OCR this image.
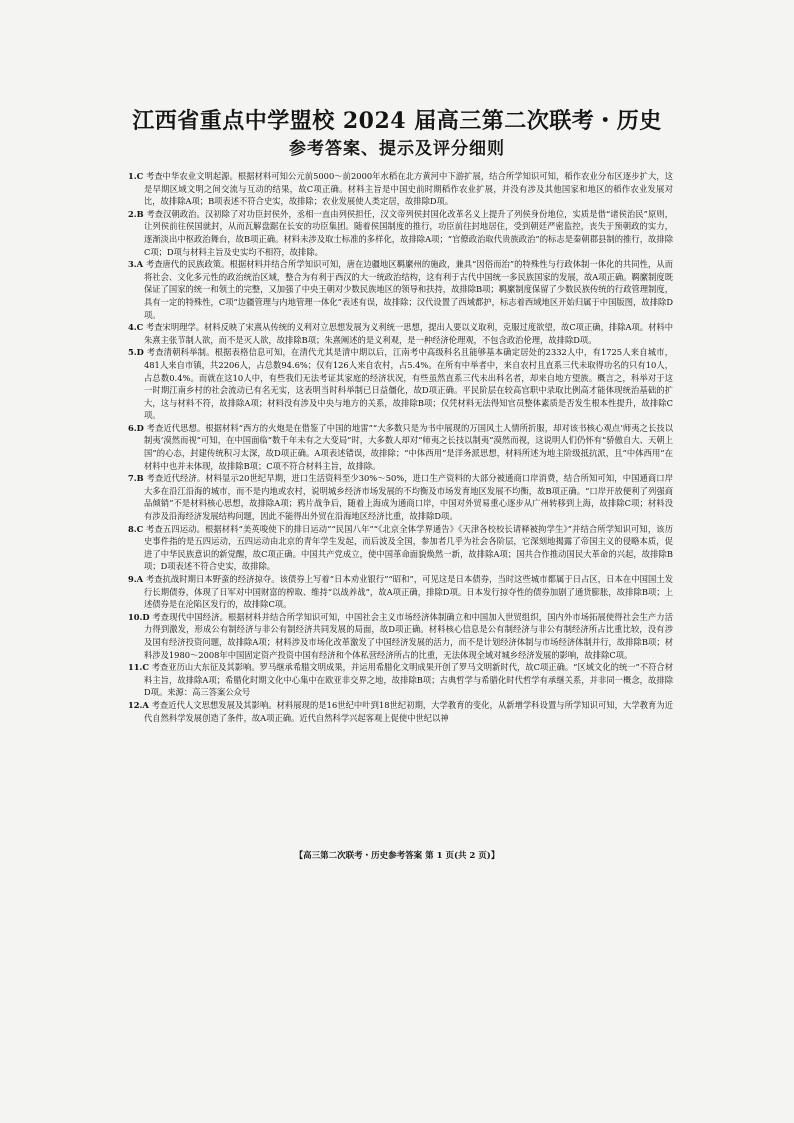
江西省重点中学盟校 2024 届高三第二次联考・历史
参考答案、提示及评分细则

1.C 考查中华农业文明起源。根据材料可知公元前5000～前2000年水稻在北方黄河中下游扩展，结合所学知识可知，稻作农业分布区逐步扩大，这是早期区域文明之间交流与互动的结果，故C项正确。材料主旨是中国史前时期稻作农业扩展，并没有涉及其他国家和地区的稻作农业发展对比，故排除A项；B项表述不符合史实，故排除；农业发展使人类定居，故排除D项。

2.B 考查汉朝政治。汉初除了对功臣封侯外，丞相一直由列侯担任，汉文帝列侯封国化改革名义上提升了列侯身份地位，实质是借“诸侯治民”原则，让列侯前往侯国就封，从而瓦解盘踞在长安的功臣集团。随着侯国制度的推行，功臣前往封地居住，受到朝廷严密监控，丧失于预朝政的实力，逐渐淡出中枢政治舞台，故B项正确。材料未涉及取士标准的多样化，故排除A项；“官僚政治取代贵族政治”的标志是秦朝郡县制的推行，故排除C项；D项与材料主旨及史实均不相符，故排除。

3.A 考查唐代的民族政策。根据材料并结合所学知识可知，唐在边疆地区羁縻州的施政，兼具“因俗而治”的特殊性与行政体制一体化的共同性，从而将社会、文化多元性的政治统治区域，整合为有利于西汉的大一统政治结构，这有利于古代中国统一多民族国家的发展，故A项正确。羁縻制度既保证了国家的统一和领土的完整，又加强了中央王朝对少数民族地区的领导和扶持，故排除B项；羁縻制度保留了少数民族传统的行政管理制度，具有一定的特殊性，C项“边疆管理与内地管理一体化”表述有误，故排除；汉代设置了西域都护，标志着西域地区开始归属于中国版图，故排除D项。

4.C 考查宋明理学。材料反映了宋熹从传统的义利对立思想发展为义利统一思想，提出人要以义取利，克服过度欲望，故C项正确，排除A项。材料中朱熹主张节制人欲，而不是灭人欲，故排除B项；朱熹阐述的是义利观，是一种经济伦理观，不包含政治伦理，故排除D项。

5.D 考查清朝科举制。根据表格信息可知，在清代尤其是清中期以后，江南考中高级科名且能够基本确定居处的2332人中，有1725人来自城市，481人来自市镇，共2206人，占总数94.6%；仅有126人来自农村，占5.4%。在所有中举者中，来自农村且直系三代未取得功名的只有10人，占总数0.4%。而就在这10人中，有些我们无法考证其家庭的经济状况，有些虽然直系三代未出科名者，却来自地方望族。概言之，科举对于这一时期江南乡村的社会流动已有名无实，这表明当时科举制已日益僵化，故D项正确。平民阶层在较高官职中录取比例高才能体现统治基础的扩大，这与材料不符，故排除A项；材料没有涉及中央与地方的关系，故排除B项；仅凭材料无法得知官员整体素质是否发生根本性提升，故排除C项。

6.D 考查近代思想。根据材料“西方的火炮是在借鉴了中国的地雷”“大多数只是为书中展现的万国风土人情所折服，却对该书核心观点‘师夷之长技以制夷’漠然而视”可知，在中国面临“数千年未有之大变局”时，大多数人却对“师夷之长技以制夷”漠然而视，这说明人们仍怀有“骄傲自大、天朝上国”的心态，封建传统积习太深，故D项正确。A项表述错误，故排除；“中体西用”是洋务派思想，材料所述为地主阶级抵抗派，且“中体西用”在材料中也并未体现，故排除B项；C项不符合材料主旨，故排除。

7.B 考查近代经济。材料显示20世纪早期，进口生活资料至少30%～50%，进口生产资料的大部分被通商口岸消费，结合所知可知，中国通商口岸大多在沿江沿海的城市，而不是内地或农村，说明城乡经济市场发展的不均衡及市场发育地区发展不均衡，故B项正确。“口岸开放便利了列强商品倾销”不是材料核心思想，故排除A项；鸦片战争后，随着上海成为通商口岸，中国对外贸易重心逐步从广州转移到上海，故排除C项；材料没有涉及沿海经济发展结构问题，因此不能得出外贸在沿海地区经济比重，故排除D项。

8.C 考查五四运动。根据材料“美英唆使下的排日运动”“民国八年”“《北京全体学界通告》《天津各校校长请释被拘学生》”并结合所学知识可知，该历史事件指的是五四运动，五四运动由北京的青年学生发起，而后波及全国，参加者几乎为社会各阶层，它深刻地揭露了帝国主义的侵略本质，促进了中华民族意识的新觉醒，故C项正确。中国共产党成立，使中国革命面貌焕然一新，故排除A项；国共合作推动国民大革命的兴起，故排除B项；D项表述不符合史实，故排除。

9.A 考查抗战时期日本野蛮的经济掠夺。该债券上写着“日本劝业银行”“昭和”，可见这是日本债券，当时这些城市都属于日占区，日本在中国国土发行长期债券，体现了日军对中国财富的榨取、维持“以战养战”，故A项正确，排除D项。日本发行掠夺性的债券加剧了通货膨胀，故排除B项；上述债券是在沦陷区发行的，故排除C项。

10.D 考查现代中国经济。根据材料并结合所学知识可知，中国社会主义市场经济体制确立和中国加入世贸组织，国内外市场拓展使得社会生产力活力得到激发，形成公有制经济与非公有制经济共同发展的局面，故D项正确。材料核心信息是公有制经济与非公有制经济所占比重比较，没有涉及国有经济投资问题，故排除A项；材料涉及市场化改革激发了中国经济发展的活力，而不是计划经济体制与市场经济体制并行，故排除B项；材料涉及1980～2008年中国固定资产投资中国有经济和个体私营经济所占的比重，无法体现全域对城乡经济发展的影响，故排除C项。

11.C 考查亚历山大东征及其影响。罗马继承希腊文明成果，并运用希腊化文明成果开创了罗马文明新时代，故C项正确。“区域文化的统一”不符合材料主旨，故排除A项；希腊化时期文化中心集中在欧亚非交界之地，故排除B项；古典哲学与希腊化时代哲学有承继关系，并非同一概念，故排除D项。来源：高三答案公众号

12.A 考查近代人文思想发展及其影响。材料展现的是16世纪中叶到18世纪初期，大学教育的变化，从新增学科设置与所学知识可知，大学教育为近代自然科学发展创造了条件，故A项正确。近代自然科学兴起客观上促使中世纪以神

【高三第二次联考・历史参考答案 第 1 页(共 2 页)】
